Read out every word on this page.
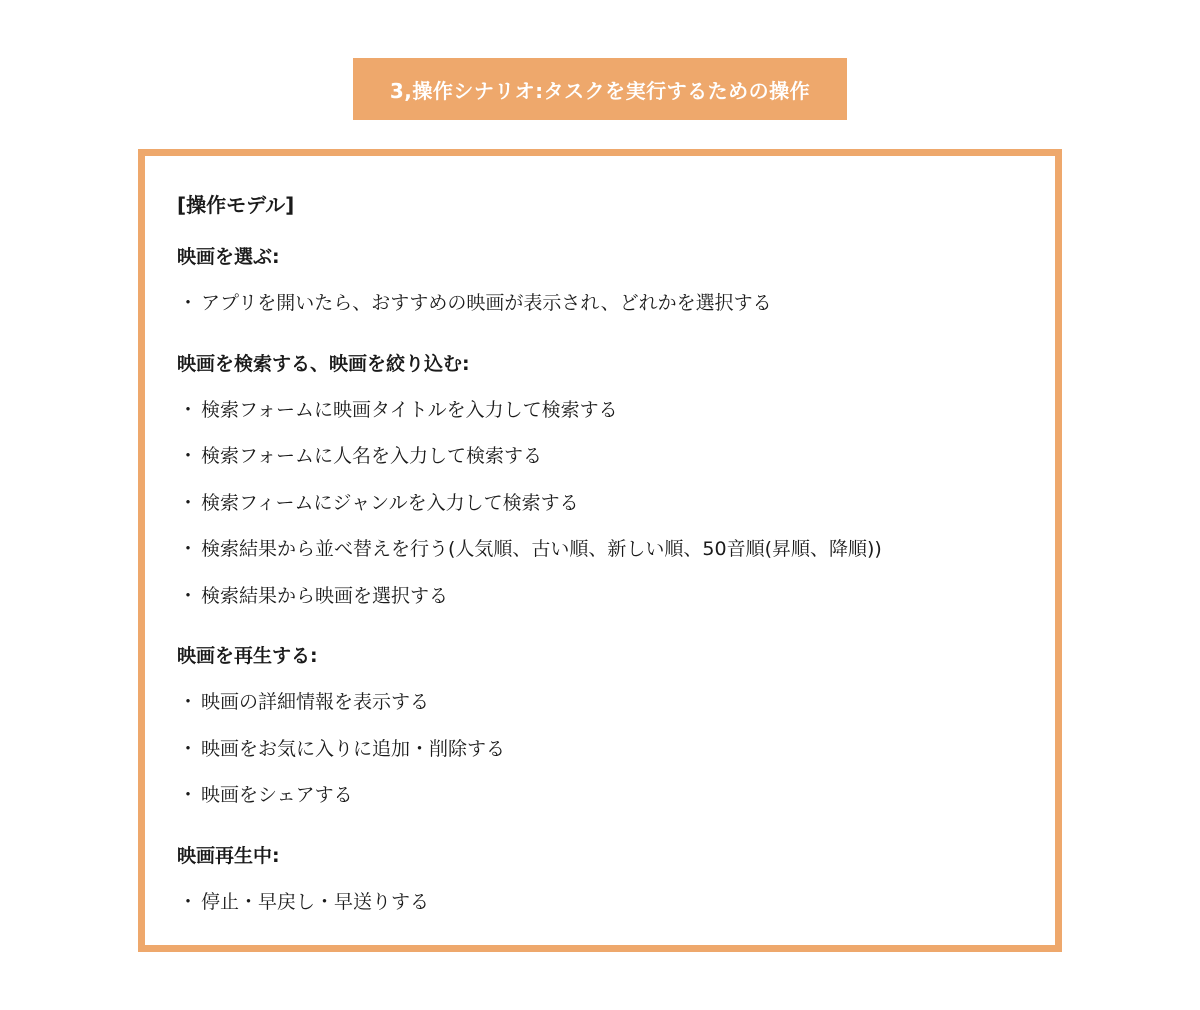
3,操作シナリオ:タスクを実行するための操作
[操作モデル]
映画を選ぶ:
・ アプリを開いたら、おすすめの映画が表示され、どれかを選択する
映画を検索する、映画を絞り込む:
・ 検索フォームに映画タイトルを入力して検索する
・ 検索フォームに人名を入力して検索する
・ 検索フィームにジャンルを入力して検索する
・ 検索結果から並べ替えを行う(人気順、古い順、新しい順、50音順(昇順、降順))
・ 検索結果から映画を選択する
映画を再生する:
・ 映画の詳細情報を表示する
・ 映画をお気に入りに追加・削除する
・ 映画をシェアする
映画再生中:
・ 停止・早戻し・早送りする
